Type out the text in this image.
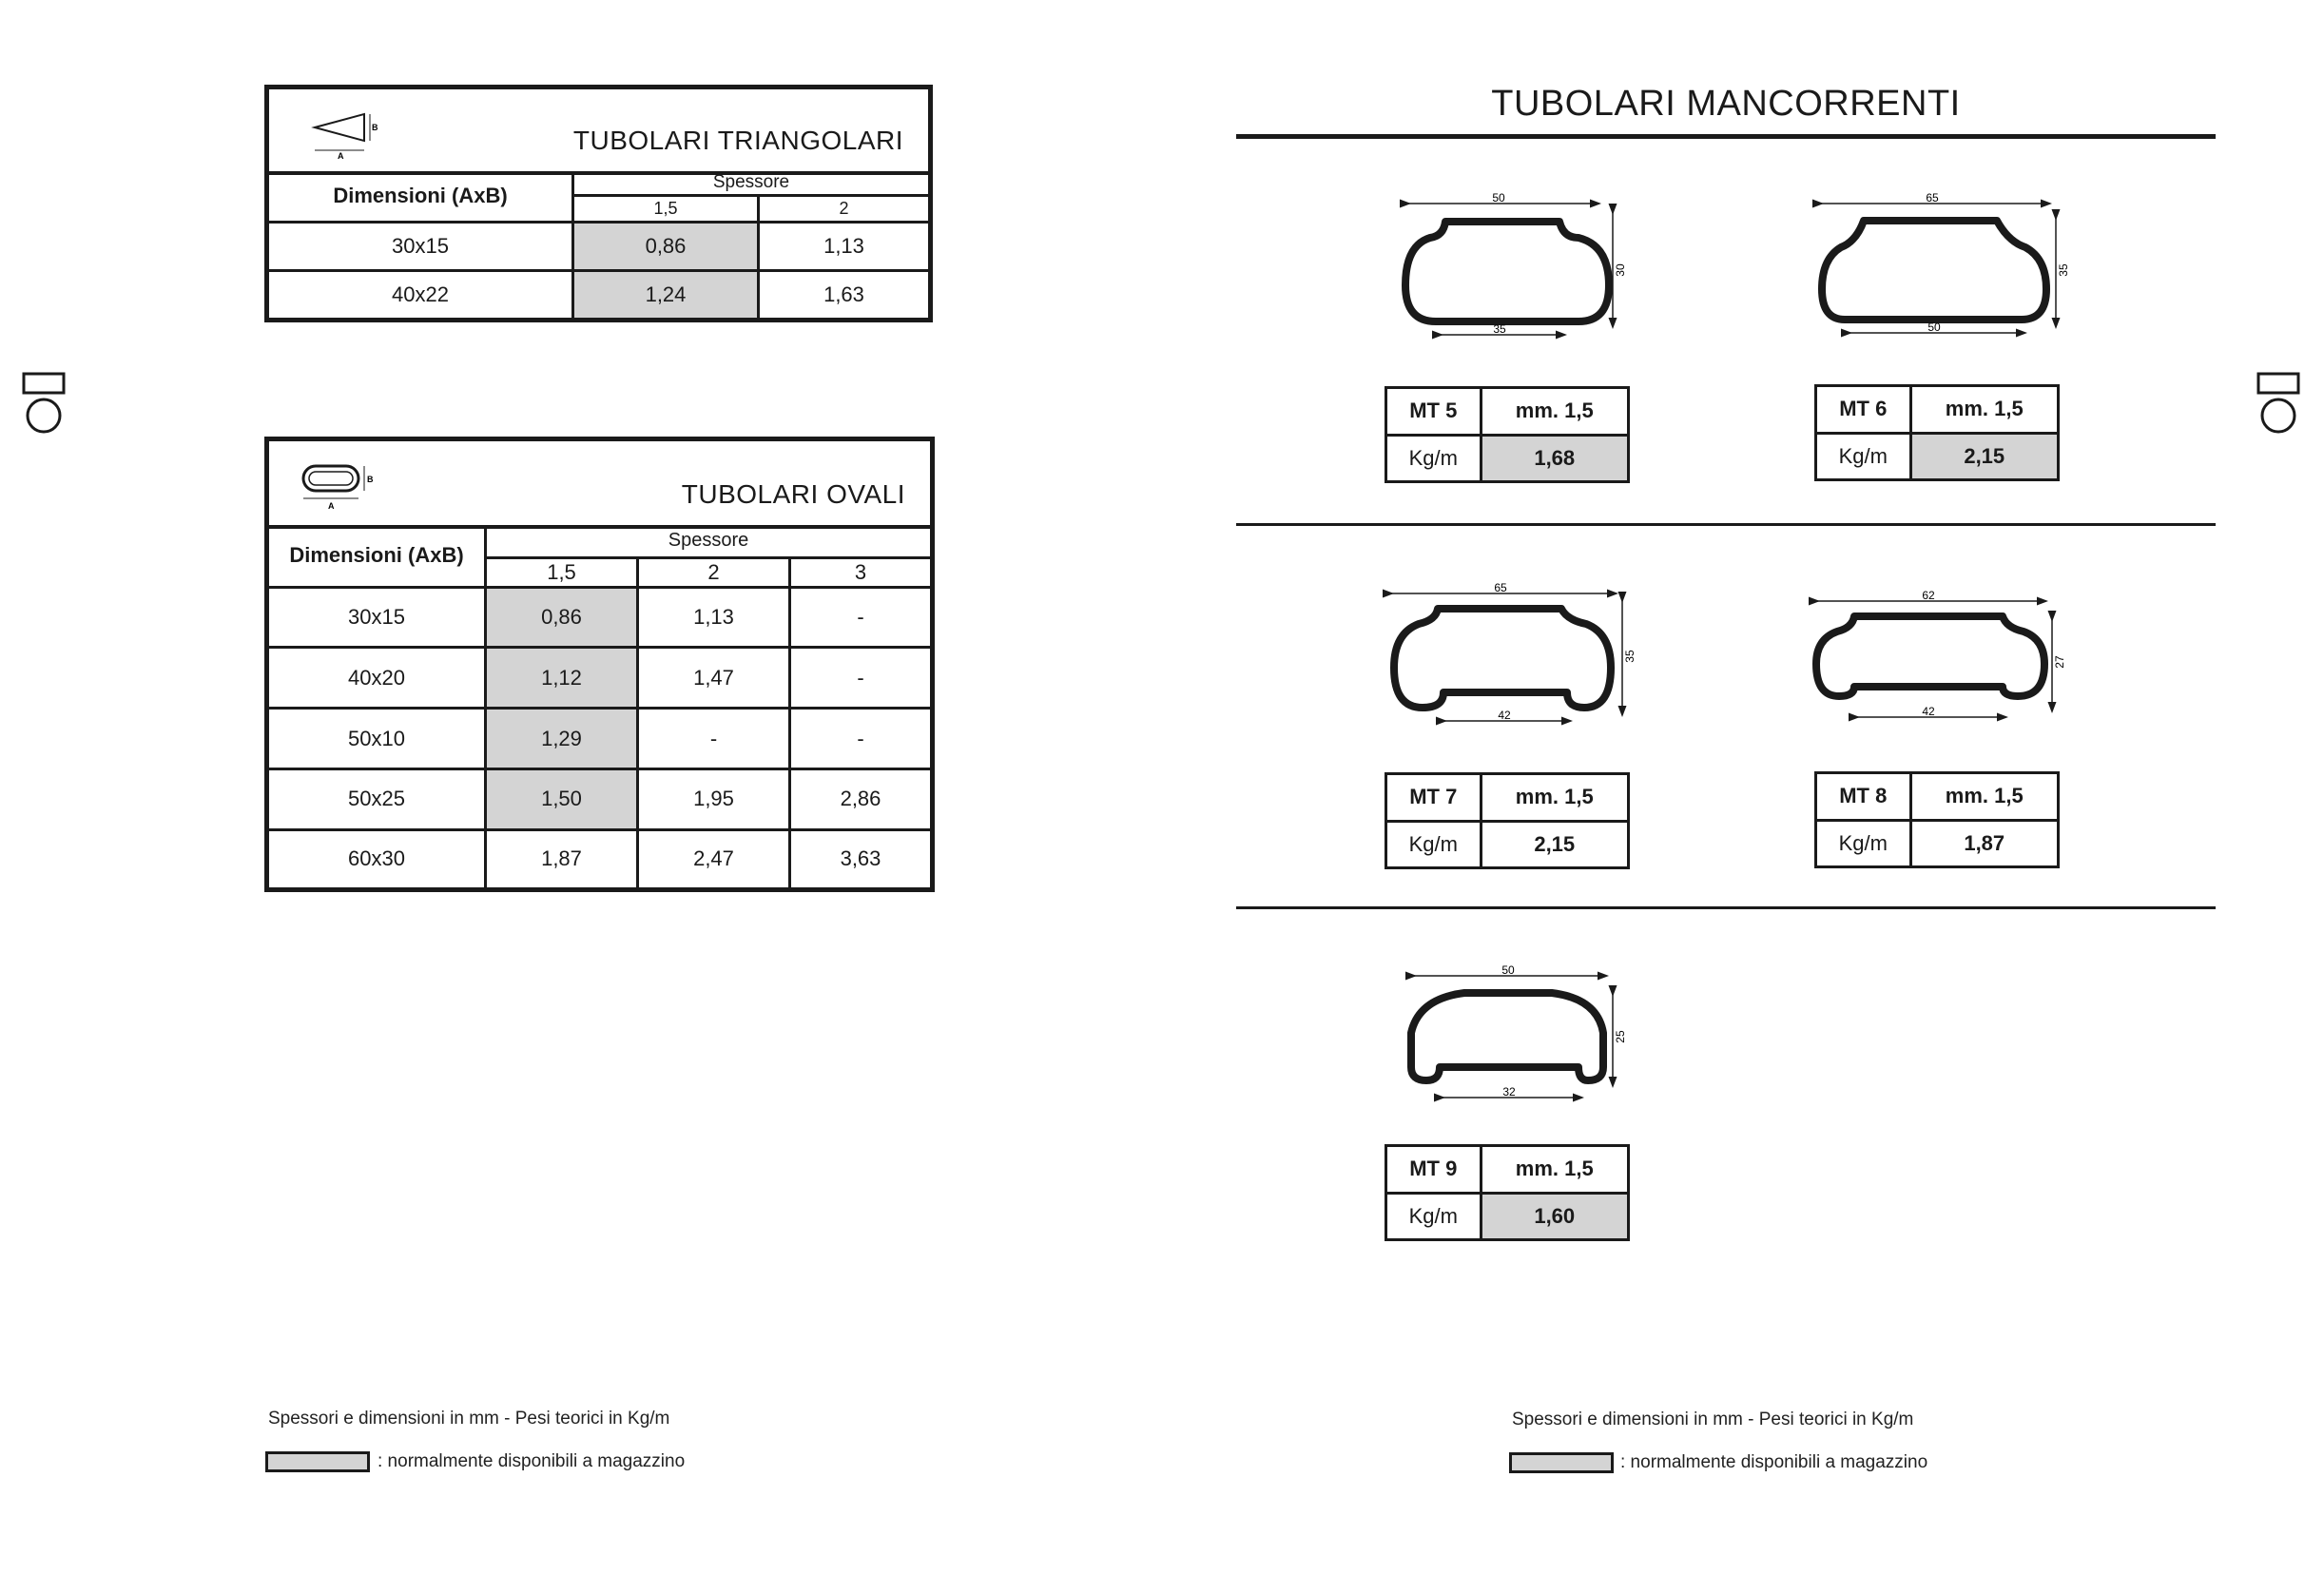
A
B	TUBOLARI TRIANGOLARI
Dimensioni (AxB)	Spessore	
	1,5	2
30x15	0,86	1,13
40x22	1,24	1,63
A
B	TUBOLARI OVALI
Dimensioni (AxB)	Spessore		
	1,5	2	3
30x15	0,86	1,13	-
40x20	1,12	1,47	-
50x10	1,29	-	-
50x25	1,50	1,95	2,86
60x30	1,87	2,47	3,63
Spessori e dimensioni in mm - Pesi teorici in Kg/m
: normalmente disponibili a magazzino
TUBOLARI MANCORRENTI
50
35
30
65
50
35
65
42
35
62
42
27
50
32
25
MT 5	mm. 1,5
Kg/m	1,68
MT 6	mm. 1,5
Kg/m	2,15
MT 7	mm. 1,5
Kg/m	2,15
MT 8	mm. 1,5
Kg/m	1,87
MT 9	mm. 1,5
Kg/m	1,60
Spessori e dimensioni in mm - Pesi teorici in Kg/m
: normalmente disponibili a magazzino
